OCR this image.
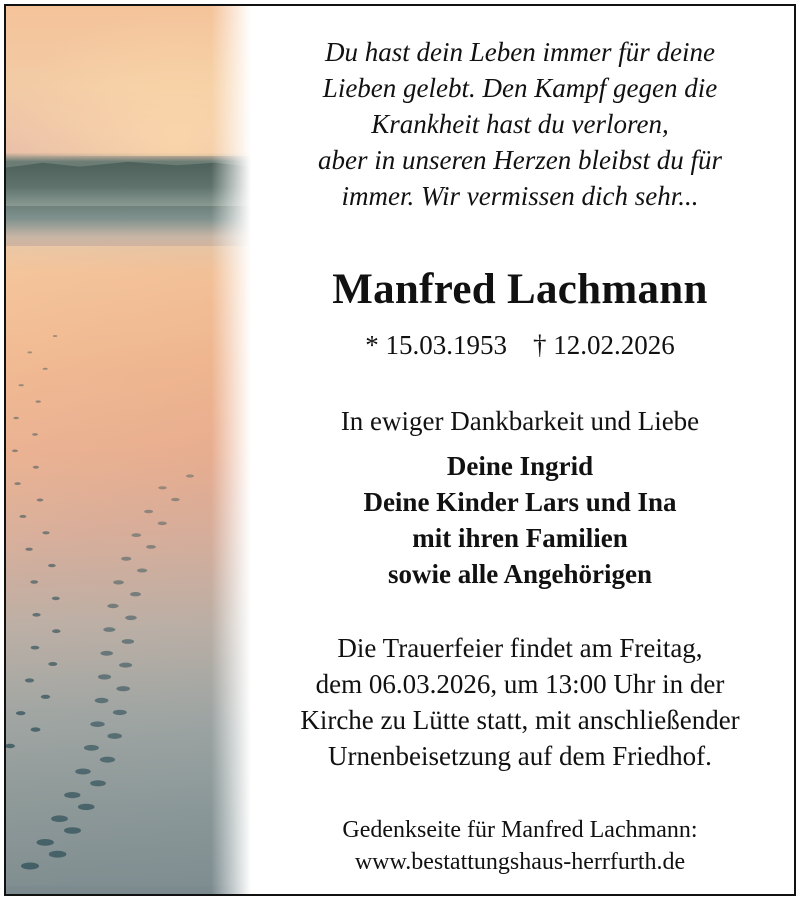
Du hast dein Leben immer für deine
Lieben gelebt. Den Kampf gegen die
Krankheit hast du verloren,
aber in unseren Herzen bleibst du für
immer. Wir vermissen dich sehr...
Manfred Lachmann
* 15.03.1953 † 12.02.2026
In ewiger Dankbarkeit und Liebe
Deine Ingrid
Deine Kinder Lars und Ina
mit ihren Familien
sowie alle Angehörigen
Die Trauerfeier findet am Freitag,
dem 06.03.2026, um 13:00 Uhr in der
Kirche zu Lütte statt, mit anschließender
Urnenbeisetzung auf dem Friedhof.
Gedenkseite für Manfred Lachmann:
www.bestattungshaus-herrfurth.de
